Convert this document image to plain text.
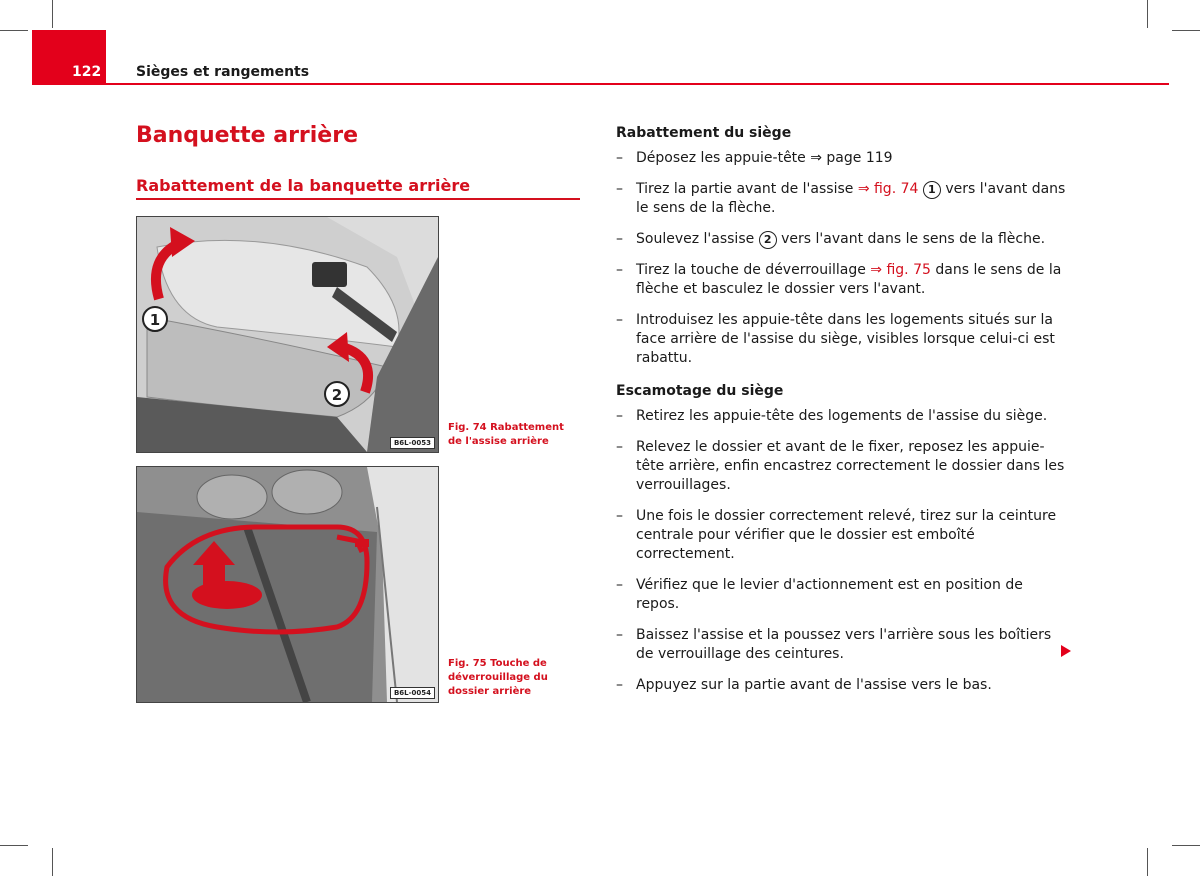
122 Sièges et rangements
Banquette arrière
Rabattement de la banquette arrière
1
2
B6L-0053
Fig. 74 Rabattement de l'assise arrière
B6L-0054
Fig. 75 Touche de déverrouillage du dossier arrière
Rabattement du siège
– Déposez les appuie-tête ⇒ page 119
– Tirez la partie avant de l'assise ⇒ fig. 74 1 vers l'avant dans le sens de la flèche.
– Soulevez l'assise 2 vers l'avant dans le sens de la flèche.
– Tirez la touche de déverrouillage ⇒ fig. 75 dans le sens de la flèche et basculez le dossier vers l'avant.
– Introduisez les appuie-tête dans les logements situés sur la face arrière de l'assise du siège, visibles lorsque celui-ci est rabattu.
Escamotage du siège
– Retirez les appuie-tête des logements de l'assise du siège.
– Relevez le dossier et avant de le fixer, reposez les appuie-tête arrière, enfin encastrez correctement le dossier dans les verrouillages.
– Une fois le dossier correctement relevé, tirez sur la ceinture centrale pour vérifier que le dossier est emboîté correctement.
– Vérifiez que le levier d'actionnement est en position de repos.
– Baissez l'assise et la poussez vers l'arrière sous les boîtiers de verrouillage des ceintures.
– Appuyez sur la partie avant de l'assise vers le bas.
